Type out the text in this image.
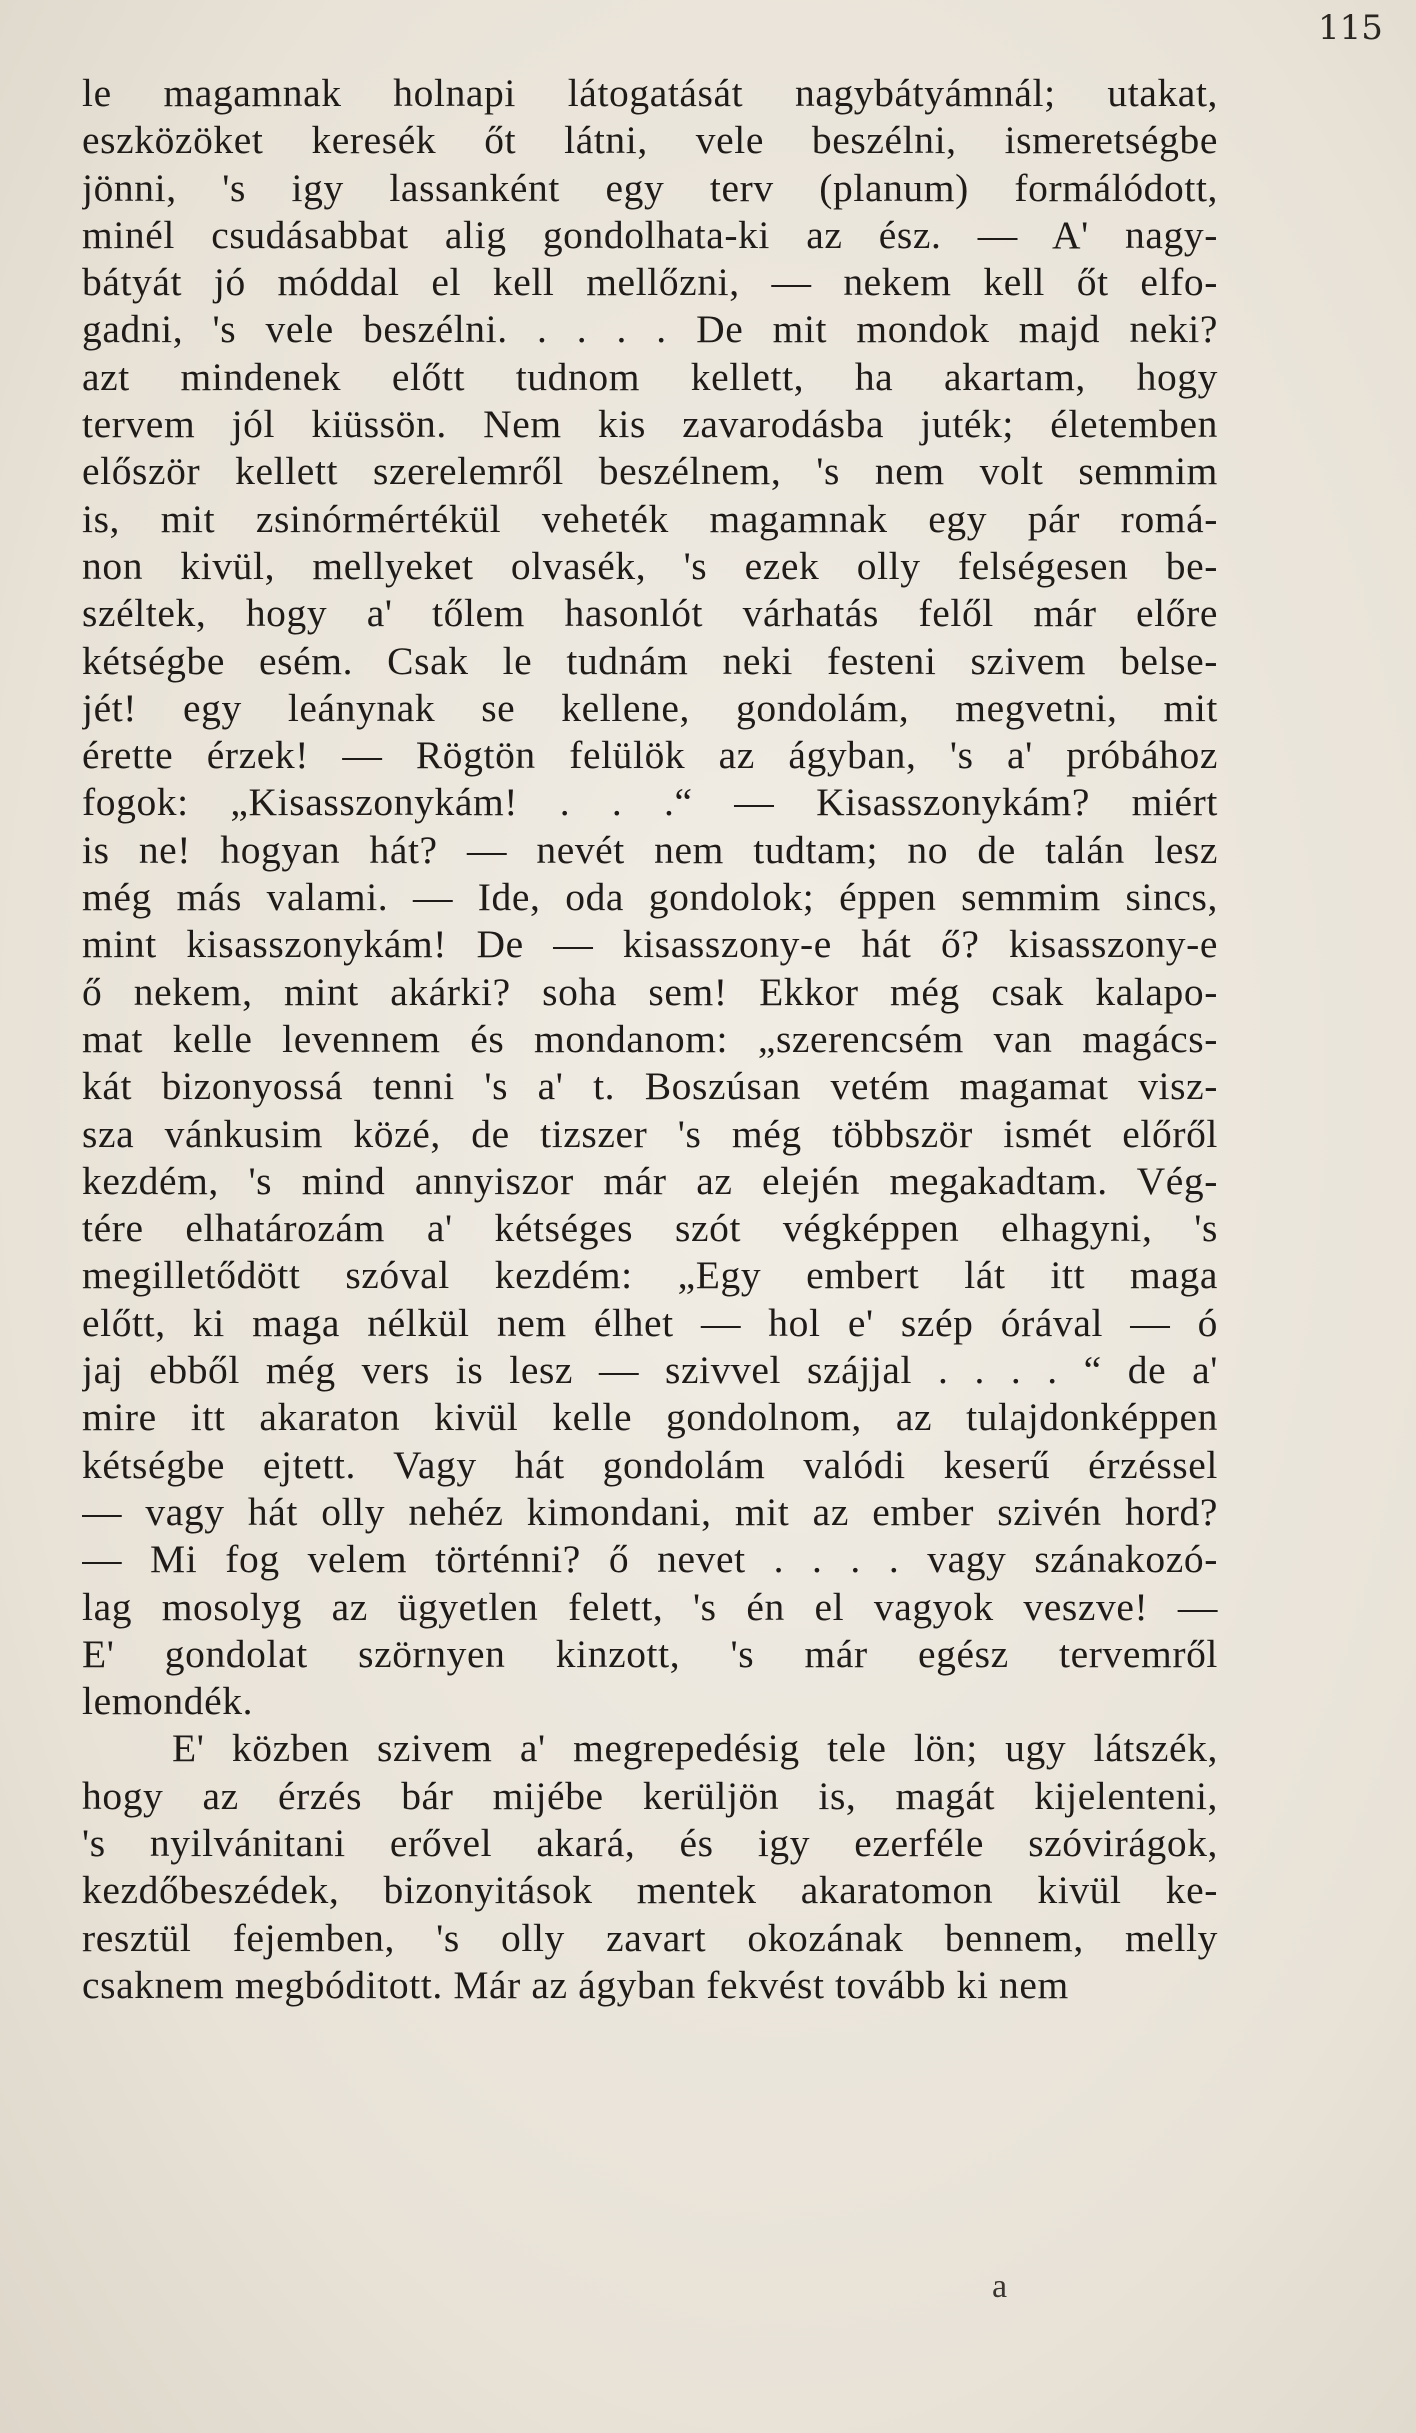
115
le magamnak holnapi látogatását nagybátyámnál; utakat,
eszközöket keresék őt látni, vele beszélni, ismeretségbe
jönni, 's igy lassanként egy terv (planum) formálódott,
minél csudásabbat alig gondolhata-ki az ész. — A' nagy-
bátyát jó móddal el kell mellőzni, — nekem kell őt elfo-
gadni, 's vele beszélni. . . . . De mit mondok majd neki?
azt mindenek előtt tudnom kellett, ha akartam, hogy
tervem jól kiüssön. Nem kis zavarodásba juték; életemben
először kellett szerelemről beszélnem, 's nem volt semmim
is, mit zsinórmértékül veheték magamnak egy pár romá-
non kivül, mellyeket olvasék, 's ezek olly felségesen be-
széltek, hogy a' tőlem hasonlót várhatás felől már előre
kétségbe esém. Csak le tudnám neki festeni szivem belse-
jét! egy leánynak se kellene, gondolám, megvetni, mit
érette érzek! — Rögtön felülök az ágyban, 's a' próbához
fogok: „Kisasszonykám! . . .“ — Kisasszonykám? miért
is ne! hogyan hát? — nevét nem tudtam; no de talán lesz
még más valami. — Ide, oda gondolok; éppen semmim sincs,
mint kisasszonykám! De — kisasszony-e hát ő? kisasszony-e
ő nekem, mint akárki? soha sem! Ekkor még csak kalapo-
mat kelle levennem és mondanom: „szerencsém van magács-
kát bizonyossá tenni 's a' t. Boszúsan vetém magamat visz-
sza vánkusim közé, de tizszer 's még többször ismét előről
kezdém, 's mind annyiszor már az elején megakadtam. Vég-
tére elhatározám a' kétséges szót végképpen elhagyni, 's
megilletődött szóval kezdém: „Egy embert lát itt maga
előtt, ki maga nélkül nem élhet — hol e' szép órával — ó
jaj ebből még vers is lesz — szivvel szájjal . . . . “ de a'
mire itt akaraton kivül kelle gondolnom, az tulajdonképpen
kétségbe ejtett. Vagy hát gondolám valódi keserű érzéssel
— vagy hát olly nehéz kimondani, mit az ember szivén hord?
— Mi fog velem történni? ő nevet . . . . vagy szánakozó-
lag mosolyg az ügyetlen felett, 's én el vagyok veszve! —
E' gondolat szörnyen kinzott, 's már egész tervemről
lemondék.
E' közben szivem a' megrepedésig tele lön; ugy látszék,
hogy az érzés bár mijébe kerüljön is, magát kijelenteni,
's nyilvánitani erővel akará, és igy ezerféle szóvirágok,
kezdőbeszédek, bizonyitások mentek akaratomon kivül ke-
resztül fejemben, 's olly zavart okozának bennem, melly
csaknem megbóditott. Már az ágyban fekvést tovább ki nem
a
